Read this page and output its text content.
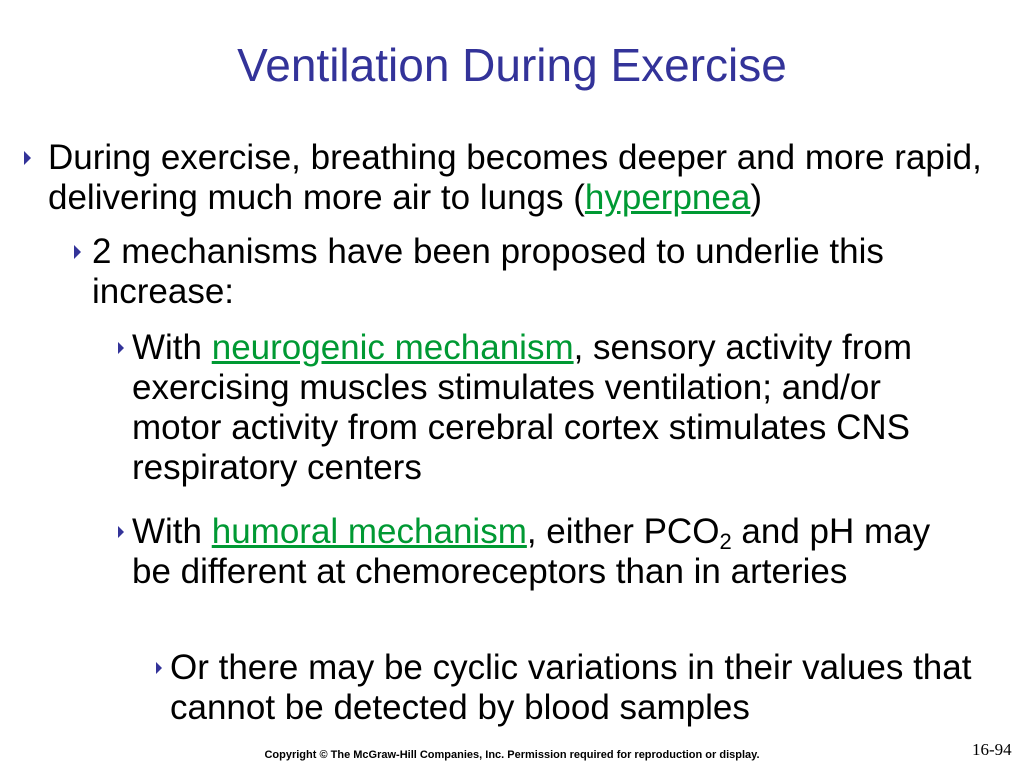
Ventilation During Exercise
During exercise, breathing becomes deeper and more rapid, delivering much more air to lungs (hyperpnea)
2 mechanisms have been proposed to underlie this increase:
With neurogenic mechanism, sensory activity from exercising muscles stimulates ventilation; and/or motor activity from cerebral cortex stimulates CNS respiratory centers
With humoral mechanism, either $PCO_2$ and pH may be different at chemoreceptors than in arteries
Or there may be cyclic variations in their values that cannot be detected by blood samples
Copyright © The McGraw-Hill Companies, Inc. Permission required for reproduction or display.	16-94
